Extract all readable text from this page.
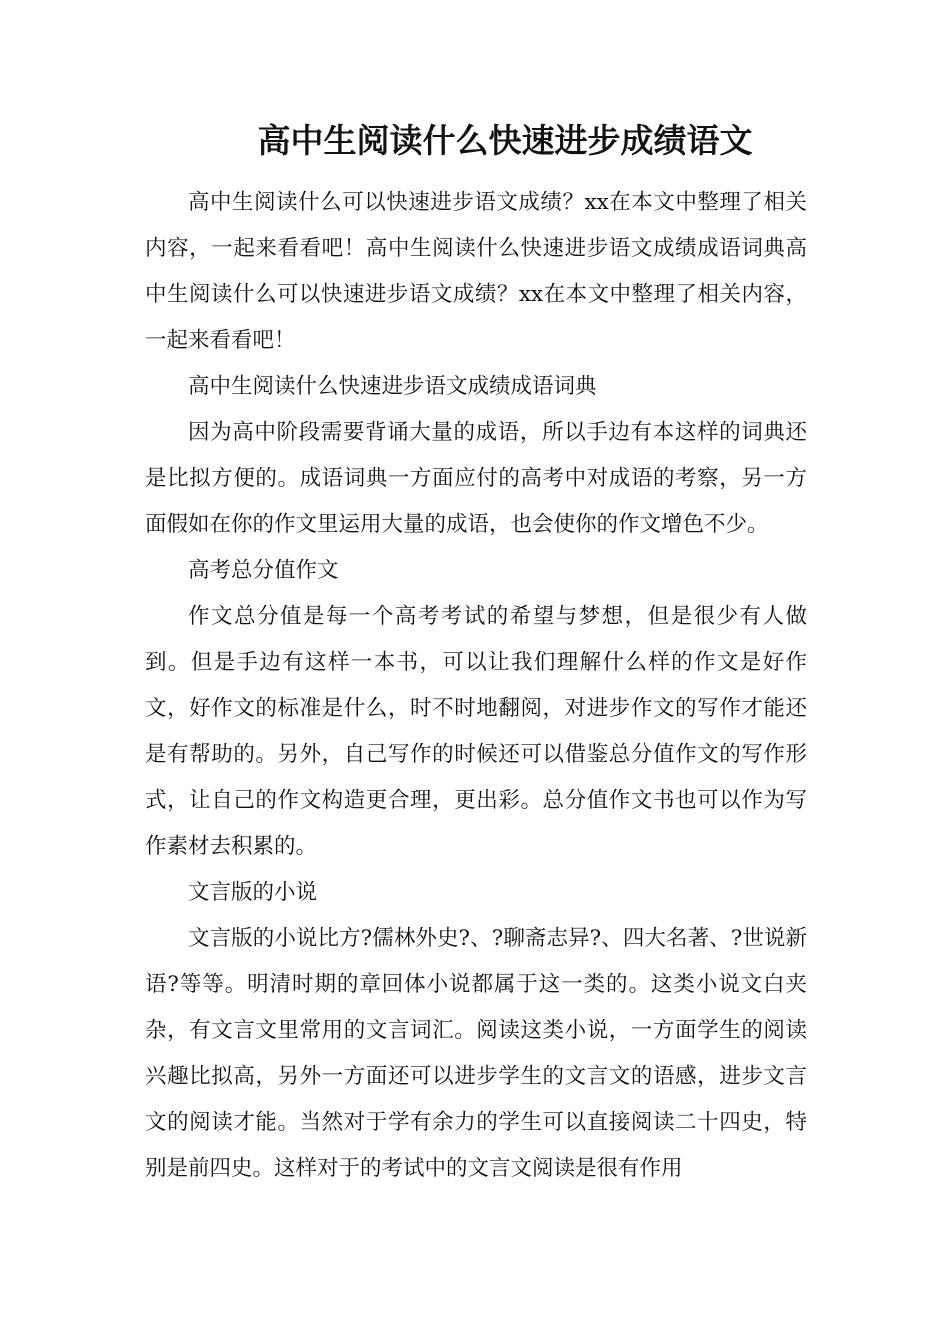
高中生阅读什么快速进步成绩语文

高中生阅读什么可以快速进步语文成绩？xx在本文中整理了相关内容，一起来看看吧！高中生阅读什么快速进步语文成绩成语词典高中生阅读什么可以快速进步语文成绩？xx在本文中整理了相关内容，一起来看看吧！

高中生阅读什么快速进步语文成绩成语词典

因为高中阶段需要背诵大量的成语，所以手边有本这样的词典还是比拟方便的。成语词典一方面应付的高考中对成语的考察，另一方面假如在你的作文里运用大量的成语，也会使你的作文增色不少。

高考总分值作文

作文总分值是每一个高考考试的希望与梦想，但是很少有人做到。但是手边有这样一本书，可以让我们理解什么样的作文是好作文，好作文的标准是什么，时不时地翻阅，对进步作文的写作才能还是有帮助的。另外，自己写作的时候还可以借鉴总分值作文的写作形式，让自己的作文构造更合理，更出彩。总分值作文书也可以作为写作素材去积累的。

文言版的小说

文言版的小说比方?儒林外史?、?聊斋志异?、四大名著、?世说新语?等等。明清时期的章回体小说都属于这一类的。这类小说文白夹杂，有文言文里常用的文言词汇。阅读这类小说，一方面学生的阅读兴趣比拟高，另外一方面还可以进步学生的文言文的语感，进步文言文的阅读才能。当然对于学有余力的学生可以直接阅读二十四史，特别是前四史。这样对于的考试中的文言文阅读是很有作用
